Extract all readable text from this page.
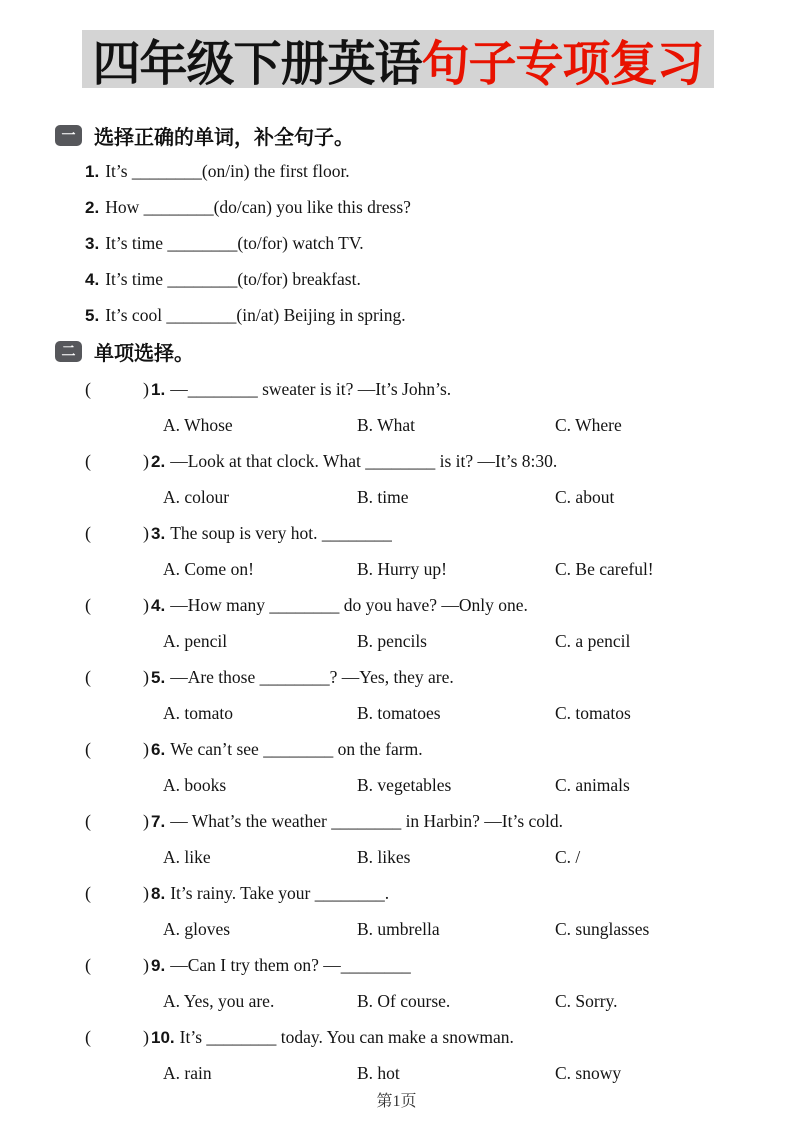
四年级下册英语 句子专项复习
一 选择正确的单词，补全句子。
1. It’s ________(on/in) the first floor.
2. How ________(do/can) you like this dress?
3. It’s time ________(to/for) watch TV.
4. It’s time ________(to/for) breakfast.
5. It’s cool ________(in/at) Beijing in spring.
二 单项选择。
(	) 1. —________ sweater is it? —It’s John’s.
A. Whose	B. What	C. Where
(	) 2. —Look at that clock. What ________ is it? —It’s 8:30.
A. colour	B. time	C. about
(	) 3. The soup is very hot. ________
A. Come on!	B. Hurry up!	C. Be careful!
(	) 4. —How many ________ do you have? —Only one.
A. pencil	B. pencils	C. a pencil
(	) 5. —Are those ________? —Yes, they are.
A. tomato	B. tomatoes	C. tomatos
(	) 6. We can’t see ________ on the farm.
A. books	B. vegetables	C. animals
(	) 7. — What’s the weather ________ in Harbin? —It’s cold.
A. like	B. likes	C. /
(	) 8. It’s rainy. Take your ________.
A. gloves	B. umbrella	C. sunglasses
(	) 9. —Can I try them on? —________
A. Yes, you are.	B. Of course.	C. Sorry.
(	) 10. It’s ________ today. You can make a snowman.
A. rain	B. hot	C. snowy
第1页
